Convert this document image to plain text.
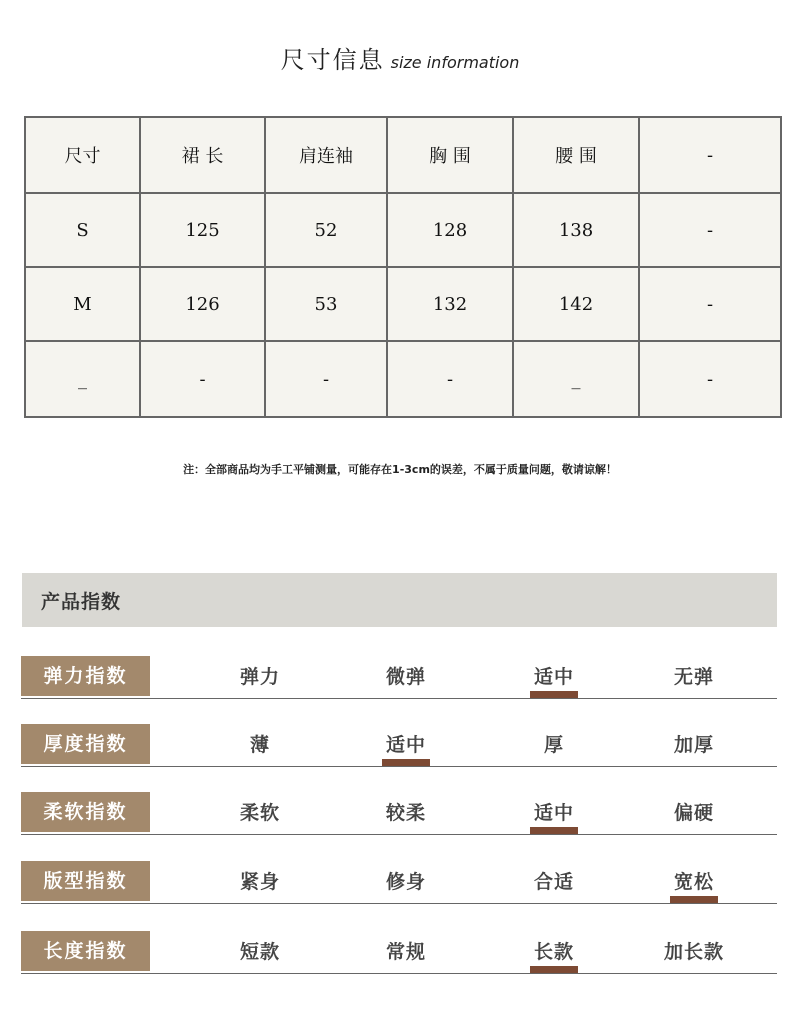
尺寸信息 size information
尺寸	裙 长	肩连袖	胸 围	腰 围	-
S	125	52	128	138	-
M	126	53	132	142	-
_	-	-	-	_	-
注：全部商品均为手工平铺测量，可能存在1-3cm的误差，不属于质量问题，敬请谅解！
产品指数
弹力指数	弹力	微弹	适中	无弹
厚度指数	薄	适中	厚	加厚
柔软指数	柔软	较柔	适中	偏硬
版型指数	紧身	修身	合适	宽松
长度指数	短款	常规	长款	加长款
